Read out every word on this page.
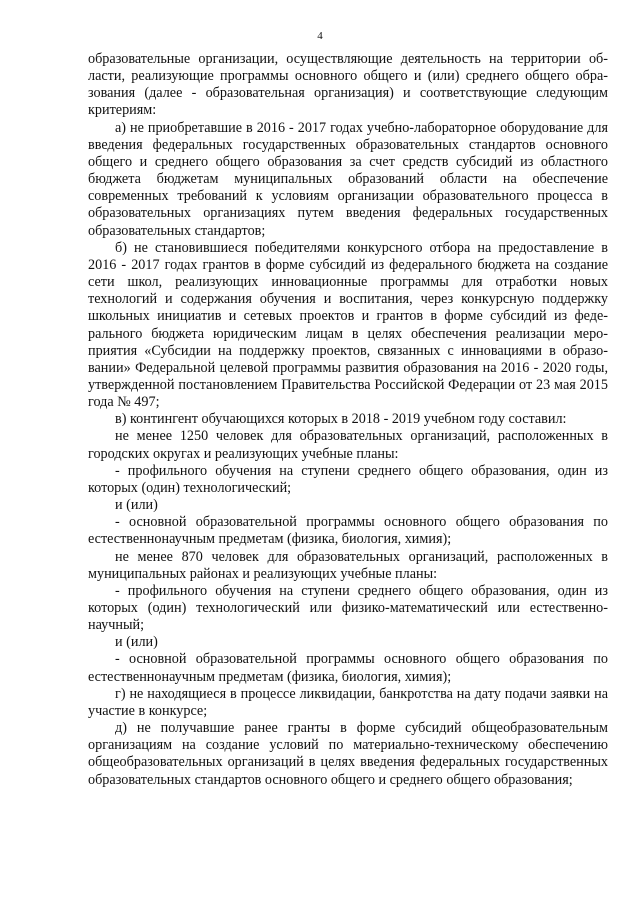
4

образовательные организации, осуществляющие деятельность на территории области, реализующие программы основного общего и (или) среднего общего образования (далее - образовательная организация) и соответствующие следующим критериям:

а) не приобретавшие в 2016 - 2017 годах учебно-лабораторное оборудование для введения федеральных государственных образовательных стандартов основного общего и среднего общего образования за счет средств субсидий из областного бюджета бюджетам муниципальных образований области на обеспечение современных требований к условиям организации образовательного процесса в образовательных организациях путем введения федеральных государственных образовательных стандартов;

б) не становившиеся победителями конкурсного отбора на предоставление в 2016 - 2017 годах грантов в форме субсидий из федерального бюджета на создание сети школ, реализующих инновационные программы для отработки новых технологий и содержания обучения и воспитания, через конкурсную поддержку школьных инициатив и сетевых проектов и грантов в форме субсидий из федерального бюджета юридическим лицам в целях обеспечения реализации мероприятия «Субсидии на поддержку проектов, связанных с инновациями в образовании» Федеральной целевой программы развития образования на 2016 - 2020 годы, утвержденной постановлением Правительства Российской Федерации от 23 мая 2015 года № 497;

в) контингент обучающихся которых в 2018 - 2019 учебном году составил:

не менее 1250 человек для образовательных организаций, расположенных в городских округах и реализующих учебные планы:

- профильного обучения на ступени среднего общего образования, один из которых (один) технологический;

и (или)

- основной образовательной программы основного общего образования по естественнонаучным предметам (физика, биология, химия);

не менее 870 человек для образовательных организаций, расположенных в муниципальных районах и реализующих учебные планы:

- профильного обучения на ступени среднего общего образования, один из которых (один) технологический или физико-математический или естественнонаучный;

и (или)

- основной образовательной программы основного общего образования по естественнонаучным предметам (физика, биология, химия);

г) не находящиеся в процессе ликвидации, банкротства на дату подачи заявки на участие в конкурсе;

д) не получавшие ранее гранты в форме субсидий общеобразовательным организациям на создание условий по материально-техническому обеспечению общеобразовательных организаций в целях введения федеральных государственных образовательных стандартов основного общего и среднего общего образования;
